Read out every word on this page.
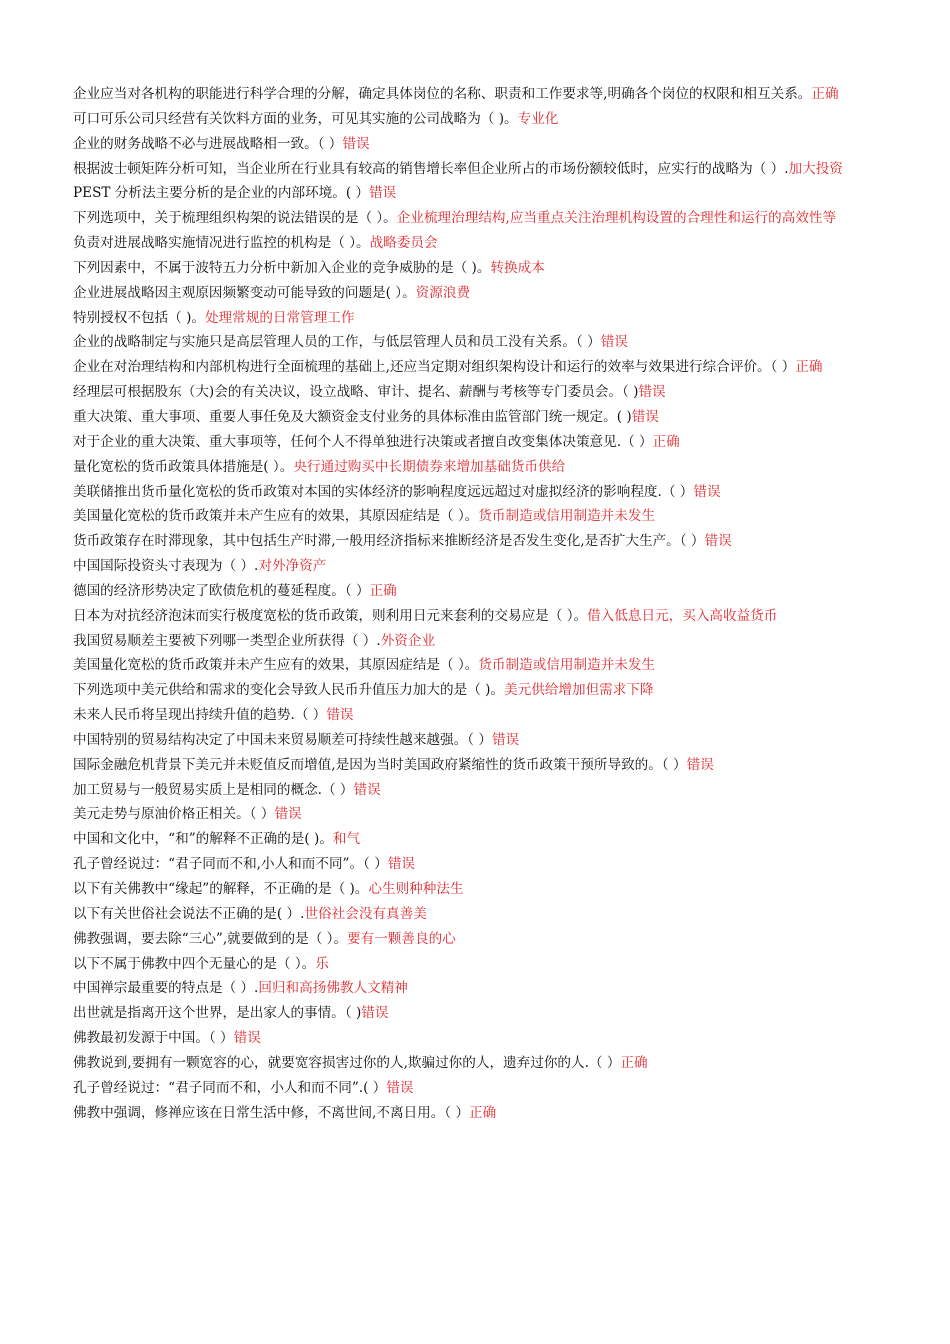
企业应当对各机构的职能进行科学合理的分解，确定具体岗位的名称、职责和工作要求等,明确各个岗位的权限和相互关系。正确
可口可乐公司只经营有关饮料方面的业务，可见其实施的公司战略为（ )。专业化
企业的财务战略不必与进展战略相一致。（ ）错误
根据波士顿矩阵分析可知，当企业所在行业具有较高的销售增长率但企业所占的市场份额较低时，应实行的战略为（ ）.加大投资
PEST 分析法主要分析的是企业的内部环境。( ）错误
下列选项中，关于梳理组织构架的说法错误的是（ ）。企业梳理治理结构,应当重点关注治理机构设置的合理性和运行的高效性等
负责对进展战略实施情况进行监控的机构是（ ）。战略委员会
下列因素中，不属于波特五力分析中新加入企业的竞争威胁的是（ )。转换成本
企业进展战略因主观原因频繁变动可能导致的问题是( ）。资源浪费
特别授权不包括（ )。处理常规的日常管理工作
企业的战略制定与实施只是高层管理人员的工作，与低层管理人员和员工没有关系。（ ）错误
企业在对治理结构和内部机构进行全面梳理的基础上,还应当定期对组织架构设计和运行的效率与效果进行综合评价。（ ）正确
经理层可根据股东（大)会的有关决议，设立战略、审计、提名、薪酬与考核等专门委员会。（ )错误
重大决策、重大事项、重要人事任免及大额资金支付业务的具体标准由监管部门统一规定。( )错误
对于企业的重大决策、重大事项等，任何个人不得单独进行决策或者擅自改变集体决策意见.（ ）正确
量化宽松的货币政策具体措施是( ）。央行通过购买中长期债券来增加基础货币供给
美联储推出货币量化宽松的货币政策对本国的实体经济的影响程度远远超过对虚拟经济的影响程度.（ ）错误
美国量化宽松的货币政策并未产生应有的效果，其原因症结是（ ）。货币制造或信用制造并未发生
货币政策存在时滞现象，其中包括生产时滞,一般用经济指标来推断经济是否发生变化,是否扩大生产。（ ）错误
中国国际投资头寸表现为（ ）.对外净资产
德国的经济形势决定了欧债危机的蔓延程度。（ ）正确
日本为对抗经济泡沫而实行极度宽松的货币政策，则利用日元来套利的交易应是（ ）。借入低息日元，买入高收益货币
我国贸易顺差主要被下列哪一类型企业所获得（ ）.外资企业
美国量化宽松的货币政策并未产生应有的效果，其原因症结是（ ）。货币制造或信用制造并未发生
下列选项中美元供给和需求的变化会导致人民币升值压力加大的是（ )。美元供给增加但需求下降
未来人民币将呈现出持续升值的趋势.（ ）错误
中国特别的贸易结构决定了中国未来贸易顺差可持续性越来越强。（ ）错误
国际金融危机背景下美元并未贬值反而增值,是因为当时美国政府紧缩性的货币政策干预所导致的。（ ）错误
加工贸易与一般贸易实质上是相同的概念.（ ）错误
美元走势与原油价格正相关。（ ）错误
中国和文化中，“和”的解释不正确的是( )。和气
孔子曾经说过：“君子同而不和,小人和而不同”。（ ）错误
以下有关佛教中“缘起”的解释，不正确的是（ )。心生则种种法生
以下有关世俗社会说法不正确的是( ）.世俗社会没有真善美
佛教强调，要去除“三心”,就要做到的是（ ）。要有一颗善良的心
以下不属于佛教中四个无量心的是（ ）。乐
中国禅宗最重要的特点是（ ）.回归和高扬佛教人文精神
出世就是指离开这个世界，是出家人的事情。（ )错误
佛教最初发源于中国。（ ）错误
佛教说到,要拥有一颗宽容的心，就要宽容损害过你的人,欺骗过你的人，遗弃过你的人.（ ）正确
孔子曾经说过：“君子同而不和，小人和而不同”.( ）错误
佛教中强调，修禅应该在日常生活中修，不离世间,不离日用。（ ）正确
